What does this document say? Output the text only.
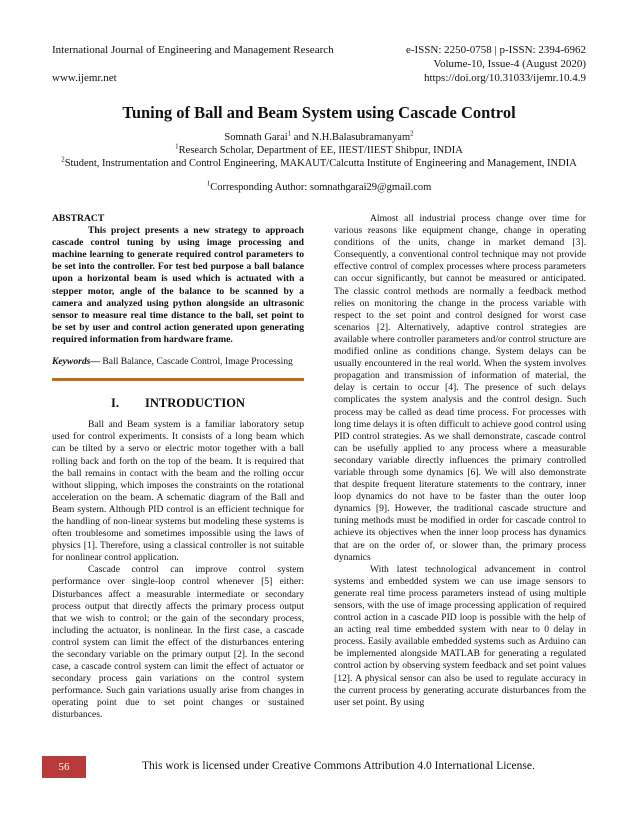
International Journal of Engineering and Management Research	e-ISSN: 2250-0758 | p-ISSN: 2394-6962
Volume-10, Issue-4 (August 2020)
www.ijemr.net	https://doi.org/10.31033/ijemr.10.4.9
Tuning of Ball and Beam System using Cascade Control
Somnath Garai$^1$ and N.H.Balasubramanyam$^2$
$^1$Research Scholar, Department of EE, IIEST/IIEST Shibpur, INDIA
$^2$Student, Instrumentation and Control Engineering, MAKAUT/Calcutta Institute of Engineering and Management, INDIA
$^1$Corresponding Author: somnathgarai29@gmail.com
ABSTRACT
This project presents a new strategy to approach cascade control tuning by using image processing and machine learning to generate required control parameters to be set into the controller. For test bed purpose a ball balance upon a horizontal beam is used which is actuated with a stepper motor, angle of the balance to be scanned by a camera and analyzed using python alongside an ultrasonic sensor to measure real time distance to the ball, set point to be set by user and control action generated upon generating required information from hardware frame.
Keywords— Ball Balance, Cascade Control, Image Processing
I. INTRODUCTION

Ball and Beam system is a familiar laboratory setup used for control experiments. It consists of a long beam which can be tilted by a servo or electric motor together with a ball rolling back and forth on the top of the beam. It is required that the ball remains in contact with the beam and the rolling occur without slipping, which imposes the constraints on the rotational acceleration on the beam. A schematic diagram of the Ball and Beam system. Although PID control is an efficient technique for the handling of non-linear systems but modeling these systems is often troublesome and sometimes impossible using the laws of physics [1]. Therefore, using a classical controller is not suitable for nonlinear control application.

Cascade control can improve control system performance over single-loop control whenever [5] either: Disturbances affect a measurable intermediate or secondary process output that directly affects the primary process output that we wish to control; or the gain of the secondary process, including the actuator, is nonlinear. In the first case, a cascade control system can limit the effect of the disturbances entering the secondary variable on the primary output [2]. In the second case, a cascade control system can limit the effect of actuator or secondary process gain variations on the control system performance. Such gain variations usually arise from changes in operating point due to set point changes or sustained disturbances.

Almost all industrial process change over time for various reasons like equipment change, change in operating conditions of the units, change in market demand [3]. Consequently, a conventional control technique may not provide effective control of complex processes where process parameters can occur significantly, but cannot be measured or anticipated. The classic control methods are normally a feedback method relies on monitoring the change in the process variable with respect to the set point and control designed for worst case scenarios [2]. Alternatively, adaptive control strategies are available where controller parameters and/or control structure are modified online as conditions change. System delays can be usually encountered in the real world. When the system involves propagation and transmission of information of material, the delay is certain to occur [4]. The presence of such delays complicates the system analysis and the control design. Such process may be called as dead time process. For processes with long time delays it is often difficult to achieve good control using PID control strategies. As we shall demonstrate, cascade control can be usefully applied to any process where a measurable secondary variable directly influences the primary controlled variable through some dynamics [6]. We will also demonstrate that despite frequent literature statements to the contrary, inner loop dynamics do not have to be faster than the outer loop dynamics [9]. However, the traditional cascade structure and tuning methods must be modified in order for cascade control to achieve its objectives when the inner loop process has dynamics that are on the order of, or slower than, the primary process dynamics

With latest technological advancement in control systems and embedded system we can use image sensors to generate real time process parameters instead of using multiple sensors, with the use of image processing application of required control action in a cascade PID loop is possible with the help of an acting real time embedded system with near to 0 delay in process. Easily available embedded systems such as Arduino can be implemented alongside MATLAB for generating a regulated control action by observing system feedback and set point values [12]. A physical sensor can also be used to regulate accuracy in the current process by generating accurate disturbances from the user set point. By using

56	This work is licensed under Creative Commons Attribution 4.0 International License.
